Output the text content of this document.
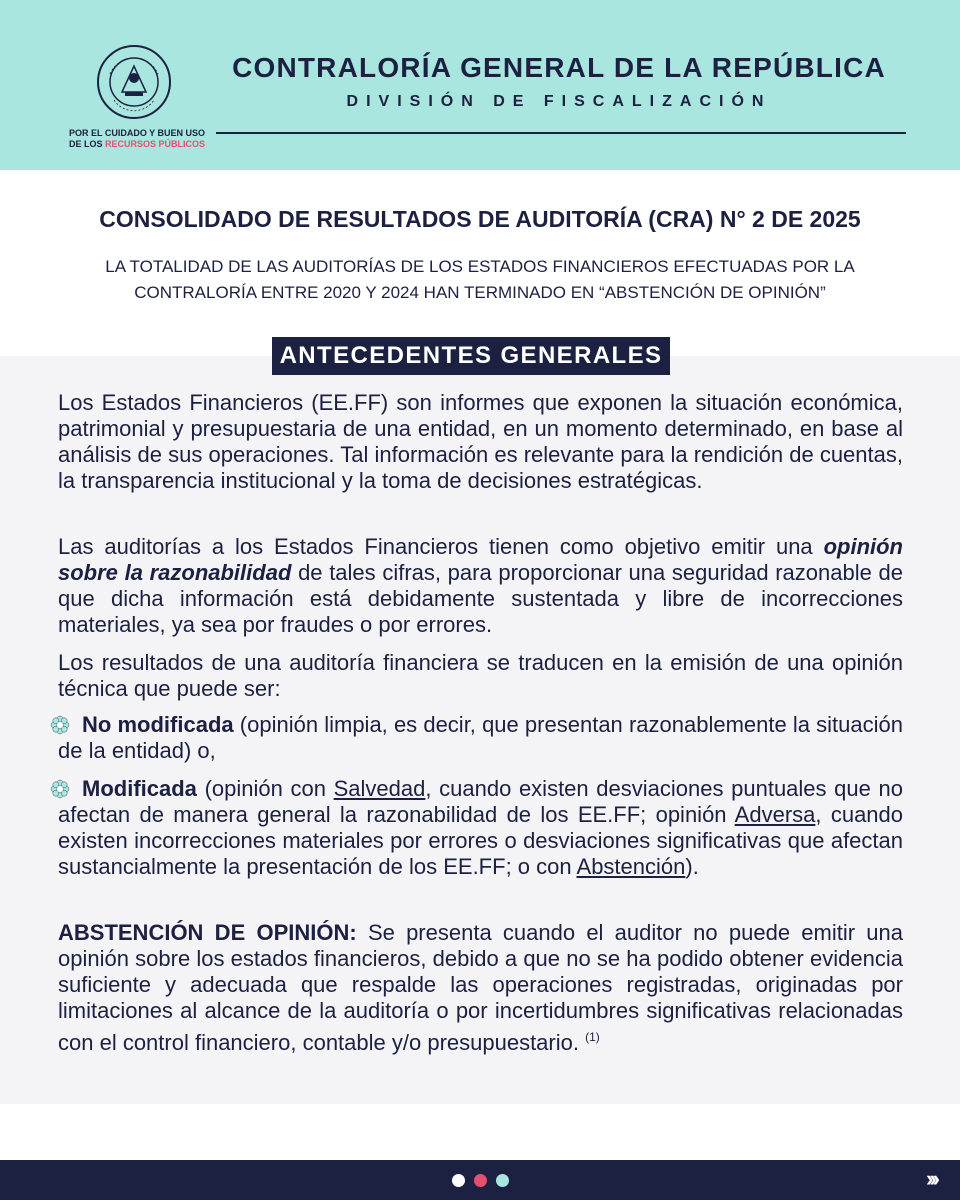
POR EL CUIDADO Y BUEN USO
DE LOS RECURSOS PÚBLICOS
CONTRALORÍA GENERAL DE LA REPÚBLICA
DIVISIÓN DE FISCALIZACIÓN
CONSOLIDADO DE RESULTADOS DE AUDITORÍA (CRA) N° 2 DE 2025
LA TOTALIDAD DE LAS AUDITORÍAS DE LOS ESTADOS FINANCIEROS EFECTUADAS POR LA
CONTRALORÍA ENTRE 2020 Y 2024 HAN TERMINADO EN “ABSTENCIÓN DE OPINIÓN”
ANTECEDENTES GENERALES
Los Estados Financieros (EE.FF) son informes que exponen la situación económica, patrimonial y presupuestaria de una entidad, en un momento determinado, en base al análisis de sus operaciones. Tal información es relevante para la rendición de cuentas, la transparencia institucional y la toma de decisiones estratégicas.
Las auditorías a los Estados Financieros tienen como objetivo emitir una opinión sobre la razonabilidad de tales cifras, para proporcionar una seguridad razonable de que dicha información está debidamente sustentada y libre de incorrecciones materiales, ya sea por fraudes o por errores.
Los resultados de una auditoría financiera se traducen en la emisión de una opinión técnica que puede ser:
No modificada (opinión limpia, es decir, que presentan razonablemente la situación de la entidad) o,
Modificada (opinión con Salvedad, cuando existen desviaciones puntuales que no afectan de manera general la razonabilidad de los EE.FF; opinión Adversa, cuando existen incorrecciones materiales por errores o desviaciones significativas que afectan sustancialmente la presentación de los EE.FF; o con Abstención).
ABSTENCIÓN DE OPINIÓN: Se presenta cuando el auditor no puede emitir una opinión sobre los estados financieros, debido a que no se ha podido obtener evidencia suficiente y adecuada que respalde las operaciones registradas, originadas por limitaciones al alcance de la auditoría o por incertidumbres significativas relacionadas con el control financiero, contable y/o presupuestario. $^{(1)}$
›››
